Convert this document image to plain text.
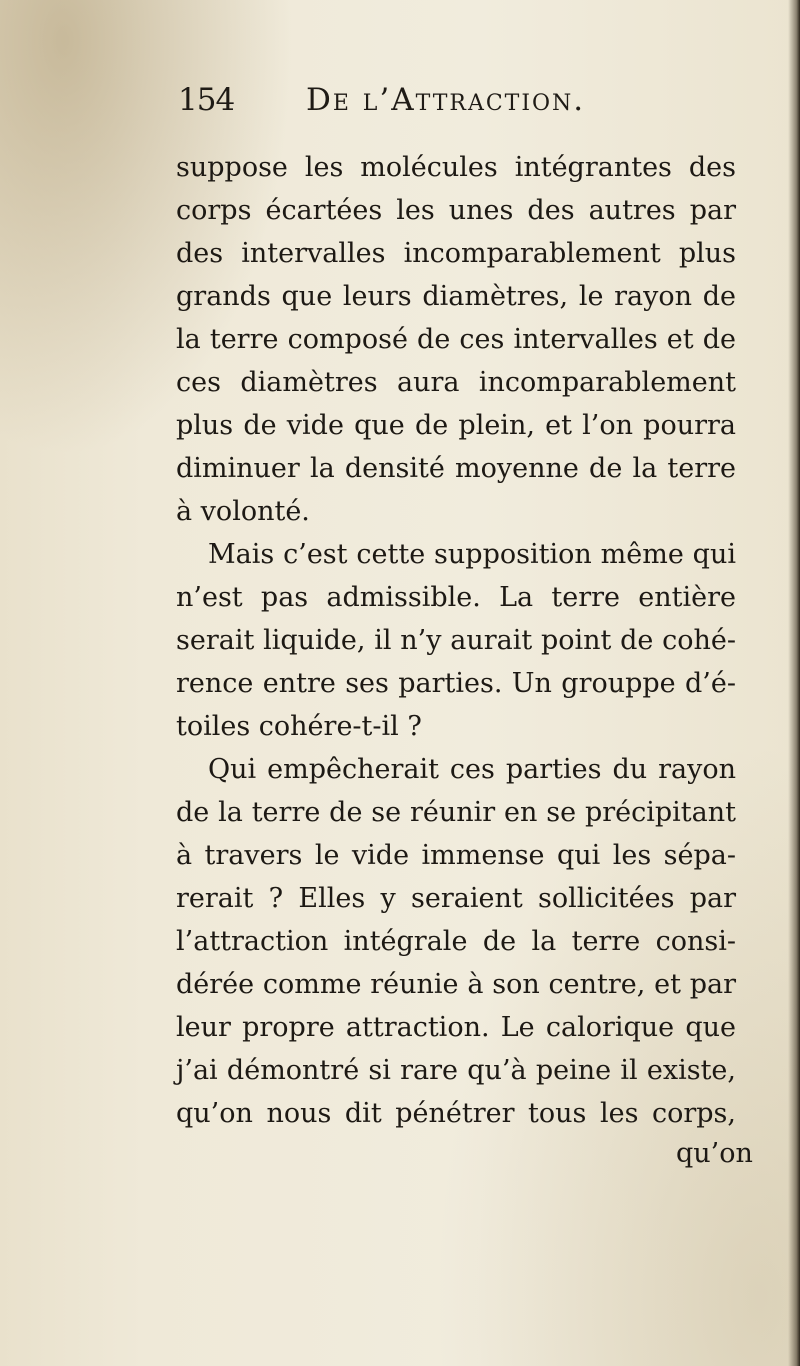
154 De l’Attraction.
suppose les molécules intégrantes des
corps écartées les unes des autres par
des intervalles incomparablement plus
grands que leurs diamètres, le rayon de
la terre composé de ces intervalles et de
ces diamètres aura incomparablement
plus de vide que de plein, et l’on pourra
diminuer la densité moyenne de la terre
à volonté.
Mais c’est cette supposition même qui
n’est pas admissible. La terre entière
serait liquide, il n’y aurait point de cohé-
rence entre ses parties. Un grouppe d’é-
toiles cohére-t-il ?
Qui empêcherait ces parties du rayon
de la terre de se réunir en se précipitant
à travers le vide immense qui les sépa-
rerait ? Elles y seraient sollicitées par
l’attraction intégrale de la terre consi-
dérée comme réunie à son centre, et par
leur propre attraction. Le calorique que
j’ai démontré si rare qu’à peine il existe,
qu’on nous dit pénétrer tous les corps,
qu’on
